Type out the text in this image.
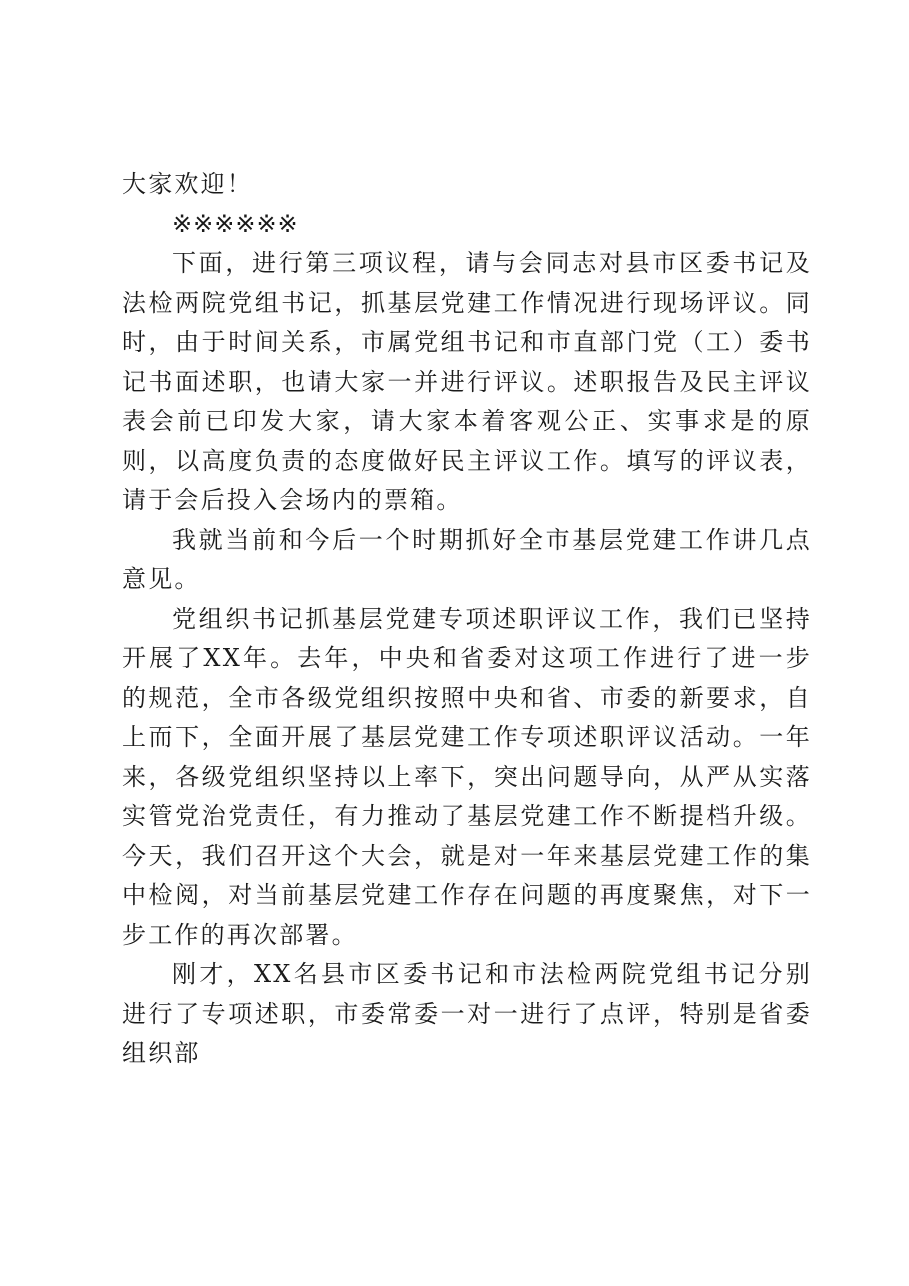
大家欢迎！

※※※※※※

下面，进行第三项议程，请与会同志对县市区委书记及法检两院党组书记，抓基层党建工作情况进行现场评议。同时，由于时间关系，市属党组书记和市直部门党（工）委书记书面述职，也请大家一并进行评议。述职报告及民主评议表会前已印发大家，请大家本着客观公正、实事求是的原则，以高度负责的态度做好民主评议工作。填写的评议表，请于会后投入会场内的票箱。

我就当前和今后一个时期抓好全市基层党建工作讲几点意见。

党组织书记抓基层党建专项述职评议工作，我们已坚持开展了XX年。去年，中央和省委对这项工作进行了进一步的规范，全市各级党组织按照中央和省、市委的新要求，自上而下，全面开展了基层党建工作专项述职评议活动。一年来，各级党组织坚持以上率下，突出问题导向，从严从实落实管党治党责任，有力推动了基层党建工作不断提档升级。今天，我们召开这个大会，就是对一年来基层党建工作的集中检阅，对当前基层党建工作存在问题的再度聚焦，对下一步工作的再次部署。

刚才，XX名县市区委书记和市法检两院党组书记分别进行了专项述职，市委常委一对一进行了点评，特别是省委组织部
